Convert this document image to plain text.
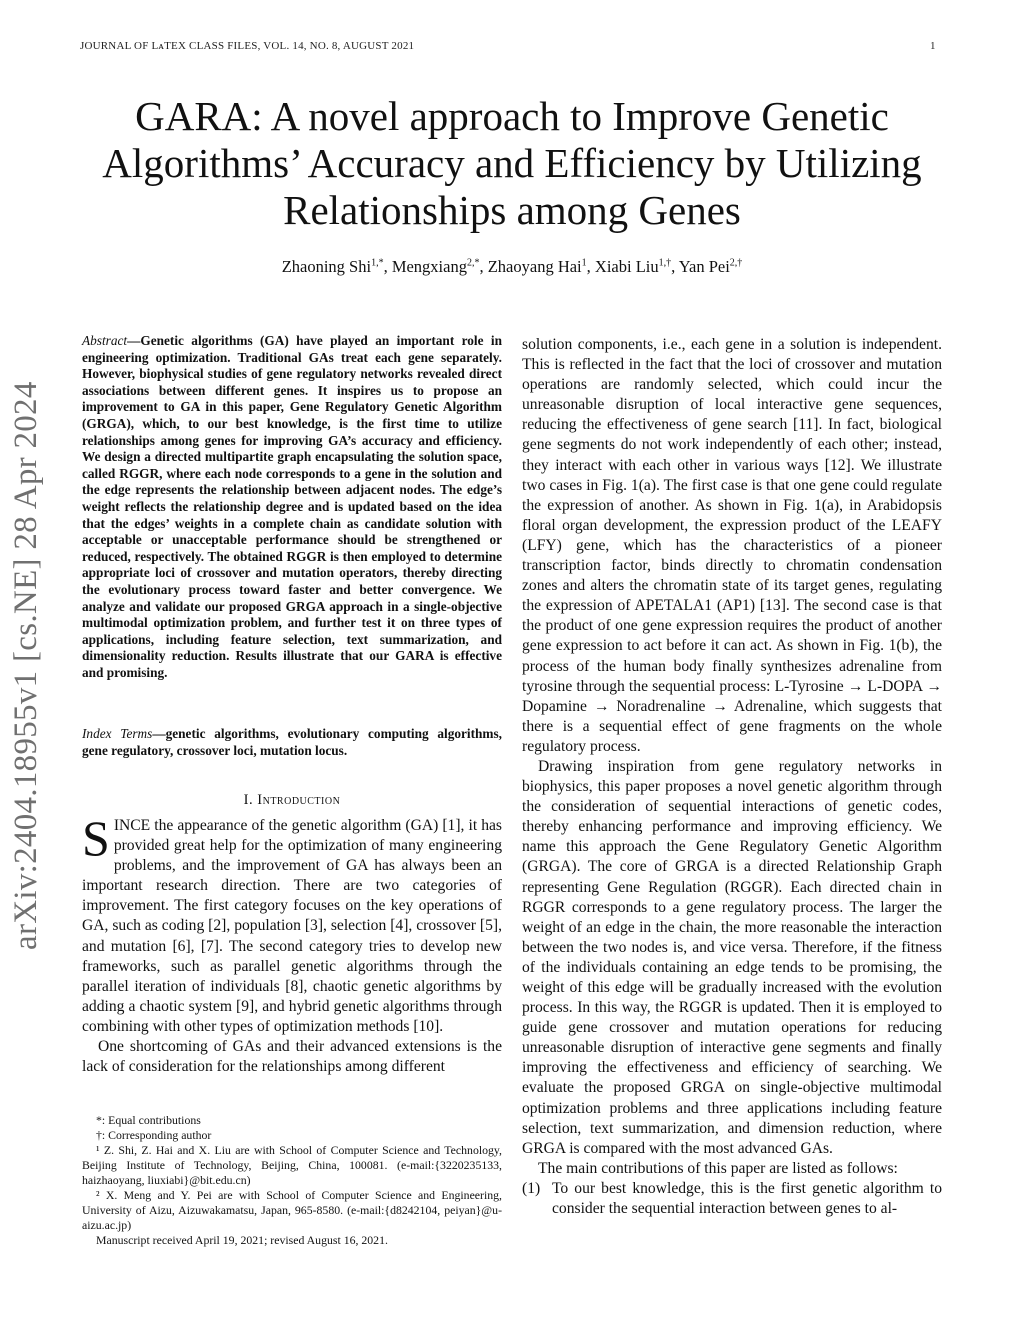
JOURNAL OF LᴀTEX CLASS FILES, VOL. 14, NO. 8, AUGUST 2021	1
GARA: A novel approach to Improve Genetic Algorithms’ Accuracy and Efficiency by Utilizing Relationships among Genes
Zhaoning Shi$^{1,*}$, Mengxiang$^{2,*}$, Zhaoyang Hai$^1$, Xiabi Liu$^{1,\dagger}$, Yan Pei$^{2,\dagger}$
arXiv:2404.18955v1 [cs.NE] 28 Apr 2024
Abstract—Genetic algorithms (GA) have played an important role in engineering optimization. Traditional GAs treat each gene separately. However, biophysical studies of gene regulatory networks revealed direct associations between different genes. It inspires us to propose an improvement to GA in this paper, Gene Regulatory Genetic Algorithm (GRGA), which, to our best knowledge, is the first time to utilize relationships among genes for improving GA’s accuracy and efficiency. We design a directed multipartite graph encapsulating the solution space, called RGGR, where each node corresponds to a gene in the solution and the edge represents the relationship between adjacent nodes. The edge’s weight reflects the relationship degree and is updated based on the idea that the edges’ weights in a complete chain as candidate solution with acceptable or unacceptable performance should be strengthened or reduced, respectively. The obtained RGGR is then employed to determine appropriate loci of crossover and mutation operators, thereby directing the evolutionary process toward faster and better convergence. We analyze and validate our proposed GRGA approach in a single-objective multimodal optimization problem, and further test it on three types of applications, including feature selection, text summarization, and dimensionality reduction. Results illustrate that our GARA is effective and promising.
Index Terms—genetic algorithms, evolutionary computing algorithms, gene regulatory, crossover loci, mutation locus.
I. Introduction

SINCE the appearance of the genetic algorithm (GA) [1], it has provided great help for the optimization of many engineering problems, and the improvement of GA has always been an important research direction. There are two categories of improvement. The first category focuses on the key operations of GA, such as coding [2], population [3], selection [4], crossover [5], and mutation [6], [7]. The second category tries to develop new frameworks, such as parallel genetic algorithms through the parallel iteration of individuals [8], chaotic genetic algorithms by adding a chaotic system [9], and hybrid genetic algorithms through combining with other types of optimization methods [10].

One shortcoming of GAs and their advanced extensions is the lack of consideration for the relationships among different

*: Equal contributions

†: Corresponding author

¹ Z. Shi, Z. Hai and X. Liu are with School of Computer Science and Technology, Beijing Institute of Technology, Beijing, China, 100081. (e-mail:{3220235133, haizhaoyang, liuxiabi}@bit.edu.cn)

² X. Meng and Y. Pei are with School of Computer Science and Engineering, University of Aizu, Aizuwakamatsu, Japan, 965-8580. (e-mail:{d8242104, peiyan}@u-aizu.ac.jp)

Manuscript received April 19, 2021; revised August 16, 2021.

solution components, i.e., each gene in a solution is independent. This is reflected in the fact that the loci of crossover and mutation operations are randomly selected, which could incur the unreasonable disruption of local interactive gene sequences, reducing the effectiveness of gene search [11]. In fact, biological gene segments do not work independently of each other; instead, they interact with each other in various ways [12]. We illustrate two cases in Fig. 1(a). The first case is that one gene could regulate the expression of another. As shown in Fig. 1(a), in Arabidopsis floral organ development, the expression product of the LEAFY (LFY) gene, which has the characteristics of a pioneer transcription factor, binds directly to chromatin condensation zones and alters the chromatin state of its target genes, regulating the expression of APETALA1 (AP1) [13]. The second case is that the product of one gene expression requires the product of another gene expression to act before it can act. As shown in Fig. 1(b), the process of the human body finally synthesizes adrenaline from tyrosine through the sequential process: L-Tyrosine → L-DOPA → Dopamine → Noradrenaline → Adrenaline, which suggests that there is a sequential effect of gene fragments on the whole regulatory process.

Drawing inspiration from gene regulatory networks in biophysics, this paper proposes a novel genetic algorithm through the consideration of sequential interactions of genetic codes, thereby enhancing performance and improving efficiency. We name this approach the Gene Regulatory Genetic Algorithm (GRGA). The core of GRGA is a directed Relationship Graph representing Gene Regulation (RGGR). Each directed chain in RGGR corresponds to a gene regulatory process. The larger the weight of an edge in the chain, the more reasonable the interaction between the two nodes is, and vice versa. Therefore, if the fitness of the individuals containing an edge tends to be promising, the weight of this edge will be gradually increased with the evolution process. In this way, the RGGR is updated. Then it is employed to guide gene crossover and mutation operations for reducing unreasonable disruption of interactive gene segments and finally improving the effectiveness and efficiency of searching. We evaluate the proposed GRGA on single-objective multimodal optimization problems and three applications including feature selection, text summarization, and dimension reduction, where GRGA is compared with the most advanced GAs.

The main contributions of this paper are listed as follows:

(1) To our best knowledge, this is the first genetic algorithm to consider the sequential interaction between genes to al-
